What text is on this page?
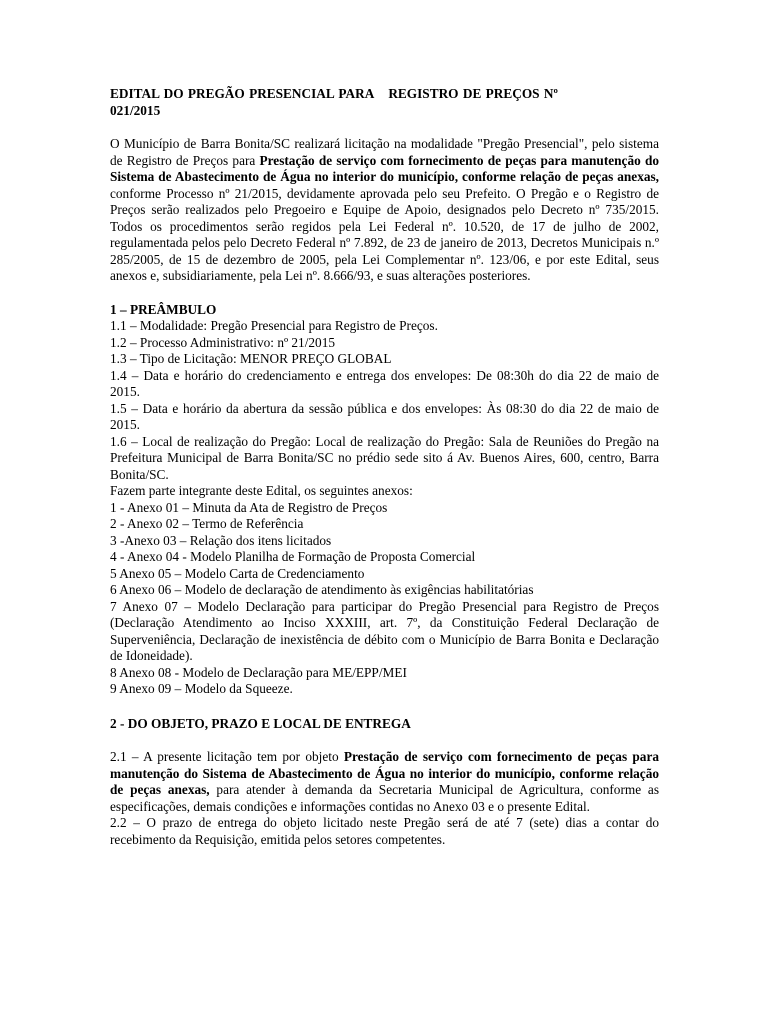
EDITAL DO PREGÃO PRESENCIAL PARA REGISTRO DE PREÇOS Nº
021/2015

O Município de Barra Bonita/SC realizará licitação na modalidade "Pregão Presencial", pelo sistema de Registro de Preços para Prestação de serviço com fornecimento de peças para manutenção do Sistema de Abastecimento de Água no interior do município, conforme relação de peças anexas, conforme Processo nº 21/2015, devidamente aprovada pelo seu Prefeito. O Pregão e o Registro de Preços serão realizados pelo Pregoeiro e Equipe de Apoio, designados pelo Decreto nº 735/2015. Todos os procedimentos serão regidos pela Lei Federal nº. 10.520, de 17 de julho de 2002, regulamentada pelos pelo Decreto Federal nº 7.892, de 23 de janeiro de 2013, Decretos Municipais n.º 285/2005, de 15 de dezembro de 2005, pela Lei Complementar nº. 123/06, e por este Edital, seus anexos e, subsidiariamente, pela Lei nº. 8.666/93, e suas alterações posteriores.

1 – PREÂMBULO

1.1 – Modalidade: Pregão Presencial para Registro de Preços.

1.2 – Processo Administrativo: nº 21/2015

1.3 – Tipo de Licitação: MENOR PREÇO GLOBAL

1.4 – Data e horário do credenciamento e entrega dos envelopes: De 08:30h do dia 22 de maio de 2015.

1.5 – Data e horário da abertura da sessão pública e dos envelopes: Às 08:30 do dia 22 de maio de 2015.

1.6 – Local de realização do Pregão: Local de realização do Pregão: Sala de Reuniões do Pregão na Prefeitura Municipal de Barra Bonita/SC no prédio sede sito á Av. Buenos Aires, 600, centro, Barra Bonita/SC.

Fazem parte integrante deste Edital, os seguintes anexos:

1 - Anexo 01 – Minuta da Ata de Registro de Preços

2 - Anexo 02 – Termo de Referência

3 -Anexo 03 – Relação dos itens licitados

4 - Anexo 04 - Modelo Planilha de Formação de Proposta Comercial

5 Anexo 05 – Modelo Carta de Credenciamento

6 Anexo 06 – Modelo de declaração de atendimento às exigências habilitatórias

7 Anexo 07 – Modelo Declaração para participar do Pregão Presencial para Registro de Preços (Declaração Atendimento ao Inciso XXXIII, art. 7º, da Constituição Federal Declaração de Superveniência, Declaração de inexistência de débito com o Município de Barra Bonita e Declaração de Idoneidade).

8 Anexo 08 - Modelo de Declaração para ME/EPP/MEI

9 Anexo 09 – Modelo da Squeeze.

2 - DO OBJETO, PRAZO E LOCAL DE ENTREGA

2.1 – A presente licitação tem por objeto Prestação de serviço com fornecimento de peças para manutenção do Sistema de Abastecimento de Água no interior do município, conforme relação de peças anexas, para atender à demanda da Secretaria Municipal de Agricultura, conforme as especificações, demais condições e informações contidas no Anexo 03 e o presente Edital.

2.2 – O prazo de entrega do objeto licitado neste Pregão será de até 7 (sete) dias a contar do recebimento da Requisição, emitida pelos setores competentes.
